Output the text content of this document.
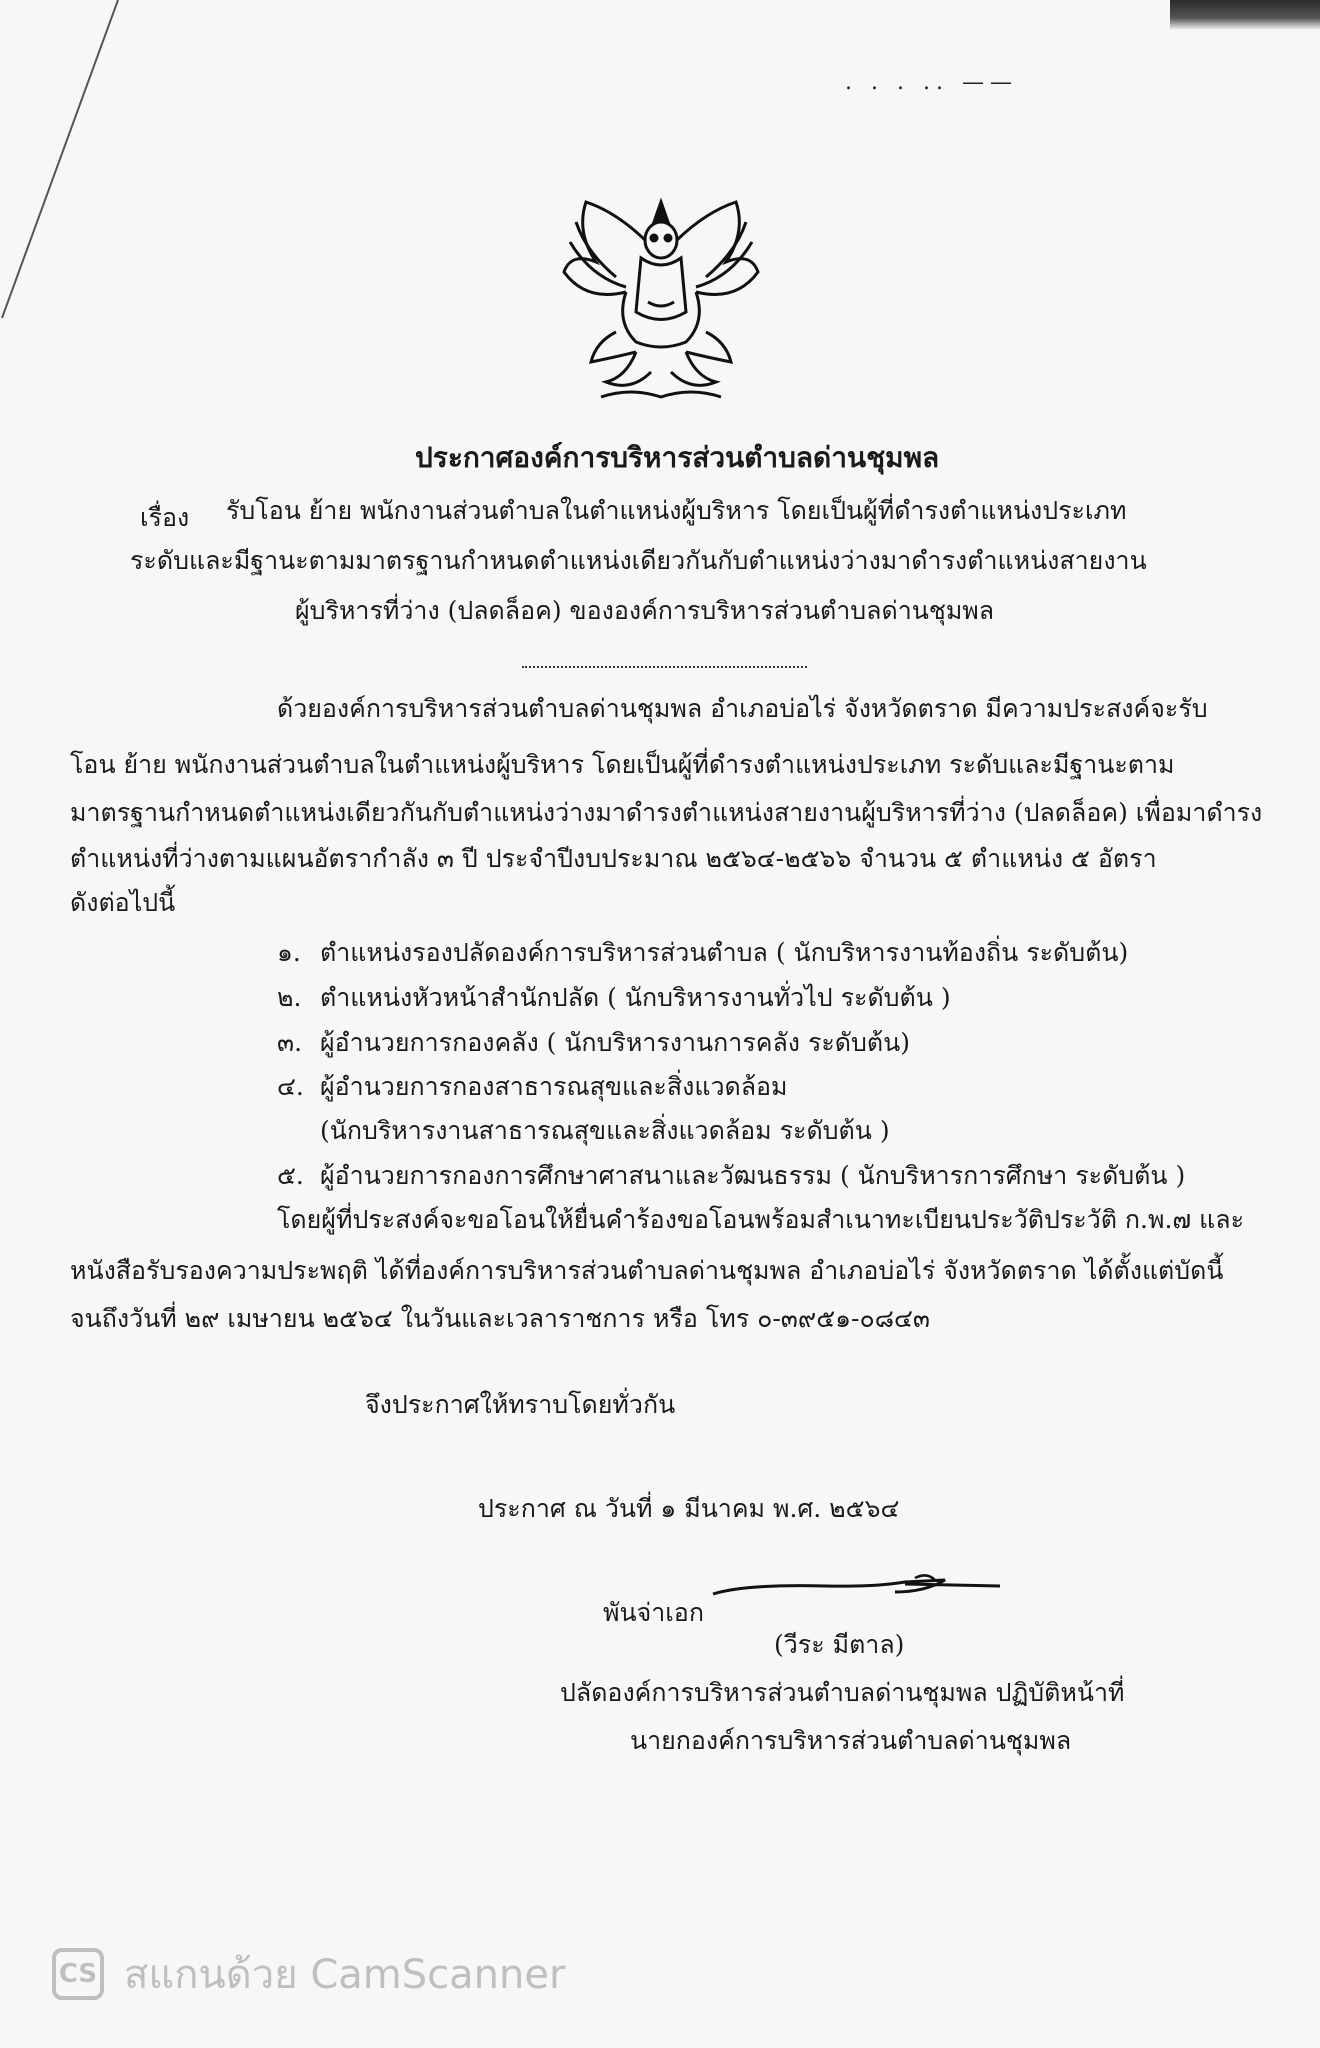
. . . .. ——
ประกาศองค์การบริหารส่วนตำบลด่านชุมพล
เรื่อง รับโอน ย้าย พนักงานส่วนตำบลในตำแหน่งผู้บริหาร โดยเป็นผู้ที่ดำรงตำแหน่งประเภท
ระดับและมีฐานะตามมาตรฐานกำหนดตำแหน่งเดียวกันกับตำแหน่งว่างมาดำรงตำแหน่งสายงาน
ผู้บริหารที่ว่าง (ปลดล็อค) ขององค์การบริหารส่วนตำบลด่านชุมพล
ด้วยองค์การบริหารส่วนตำบลด่านชุมพล อำเภอบ่อไร่ จังหวัดตราด มีความประสงค์จะรับ
โอน ย้าย พนักงานส่วนตำบลในตำแหน่งผู้บริหาร โดยเป็นผู้ที่ดำรงตำแหน่งประเภท ระดับและมีฐานะตาม
มาตรฐานกำหนดตำแหน่งเดียวกันกับตำแหน่งว่างมาดำรงตำแหน่งสายงานผู้บริหารที่ว่าง (ปลดล็อค) เพื่อมาดำรง
ตำแหน่งที่ว่างตามแผนอัตรากำลัง ๓ ปี ประจำปีงบประมาณ ๒๕๖๔-๒๕๖๖ จำนวน ๕ ตำแหน่ง ๕ อัตรา
ดังต่อไปนี้
๑. ตำแหน่งรองปลัดองค์การบริหารส่วนตำบล ( นักบริหารงานท้องถิ่น ระดับต้น)
๒. ตำแหน่งหัวหน้าสำนักปลัด ( นักบริหารงานทั่วไป ระดับต้น )
๓. ผู้อำนวยการกองคลัง ( นักบริหารงานการคลัง ระดับต้น)
๔. ผู้อำนวยการกองสาธารณสุขและสิ่งแวดล้อม
(นักบริหารงานสาธารณสุขและสิ่งแวดล้อม ระดับต้น )
๕. ผู้อำนวยการกองการศึกษาศาสนาและวัฒนธรรม ( นักบริหารการศึกษา ระดับต้น )
โดยผู้ที่ประสงค์จะขอโอนให้ยื่นคำร้องขอโอนพร้อมสำเนาทะเบียนประวัติประวัติ ก.พ.๗ และ
หนังสือรับรองความประพฤติ ได้ที่องค์การบริหารส่วนตำบลด่านชุมพล อำเภอบ่อไร่ จังหวัดตราด ได้ตั้งแต่บัดนี้
จนถึงวันที่ ๒๙ เมษายน ๒๕๖๔ ในวันและเวลาราชการ หรือ โทร ๐-๓๙๕๑-๐๘๔๓
จึงประกาศให้ทราบโดยทั่วกัน
ประกาศ ณ วันที่ ๑ มีนาคม พ.ศ. ๒๕๖๔
พันจ่าเอก
(วีระ มีตาล)
ปลัดองค์การบริหารส่วนตำบลด่านชุมพล ปฏิบัติหน้าที่
นายกองค์การบริหารส่วนตำบลด่านชุมพล
CS สแกนด้วย CamScanner
